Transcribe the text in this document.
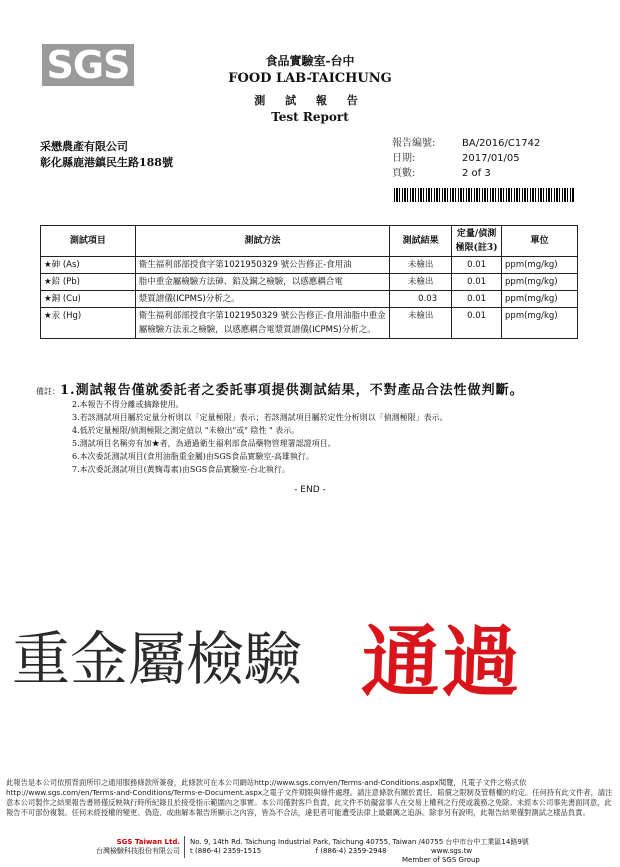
SGS	食品實驗室-台中
FOOD LAB-TAICHUNG
測 試 報 告
Test Report
采懋農產有限公司
彰化縣鹿港鎮民生路188號
報告編號:	BA/2016/C1742
日期:	2017/01/05
頁數:	2 of 3
測試項目	測試方法	測試結果	定量/偵測極限(註3)	單位
★砷 (As)	衛生福利部部授食字第1021950329 號公告修正-食用油	未檢出	0.01	ppm(mg/kg)
★鉛 (Pb)	脂中重金屬檢驗方法砷、鉛及銅之檢驗，以感應耦合電	未檢出	0.01	ppm(mg/kg)
★銅 (Cu)	漿質譜儀(ICPMS)分析之。	0.03	0.01	ppm(mg/kg)
★汞 (Hg)	衛生福利部部授食字第1021950329 號公告修正-食用油脂中重金屬檢驗方法汞之檢驗，以感應耦合電漿質譜儀(ICPMS)分析之。	未檢出	0.01	ppm(mg/kg)
備註：1.測試報告僅就委託者之委託事項提供測試結果，不對產品合法性做判斷。
2.本報告不得分離或摘錄使用。
3.若該測試項目屬於定量分析則以「定量極限」表示；若該測試項目屬於定性分析則以「偵測極限」表示。
4.低於定量極限/偵測極限之測定值以 "未檢出"或" 陰性 " 表示。
5.測試項目名稱旁有加★者，為通過衛生福利部食品藥物管理署認證項目。
6.本次委託測試項目(食用油脂重金屬)由SGS食品實驗室-高雄執行。
7.本次委託測試項目(黃麴毒素)由SGS食品實驗室-台北執行。
- END -
重金屬檢驗 通過
此報告是本公司依照背面所印之通用服務條款所簽發，此條款可在本公司網站http://www.sgs.com/en/Terms-and-Conditions.aspx閱覽，凡電子文件之格式依http://www.sgs.com/en/Terms-and-Conditions/Terms-e-Document.aspx之電子文件期限與條件處理。請注意條款有關於責任、賠償之限制及管轄權的約定。任何持有此文件者，請注意本公司製作之結果報告書將僅反映執行時所紀錄且於接受指示範圍內之事實。本公司僅對客戶負責，此文件不妨礙當事人在交易上權利之行使或義務之免除。未經本公司事先書面同意，此報告不可部份複製。任何未經授權的變更、偽造、或曲解本報告所顯示之內容，皆為不合法，違犯者可能遭受法律上最嚴厲之追訴。除非另有說明，此報告結果僅對測試之樣品負責。
SGS Taiwan Ltd.
台灣檢驗科技股份有限公司
No. 9, 14th Rd. Taichung Industrial Park, Taichung 40755, Taiwan /40755 台中市台中工業區14路9號
t (886-4) 2359-1515	f (886-4) 2359-2948	www.sgs.tw
Member of SGS Group
